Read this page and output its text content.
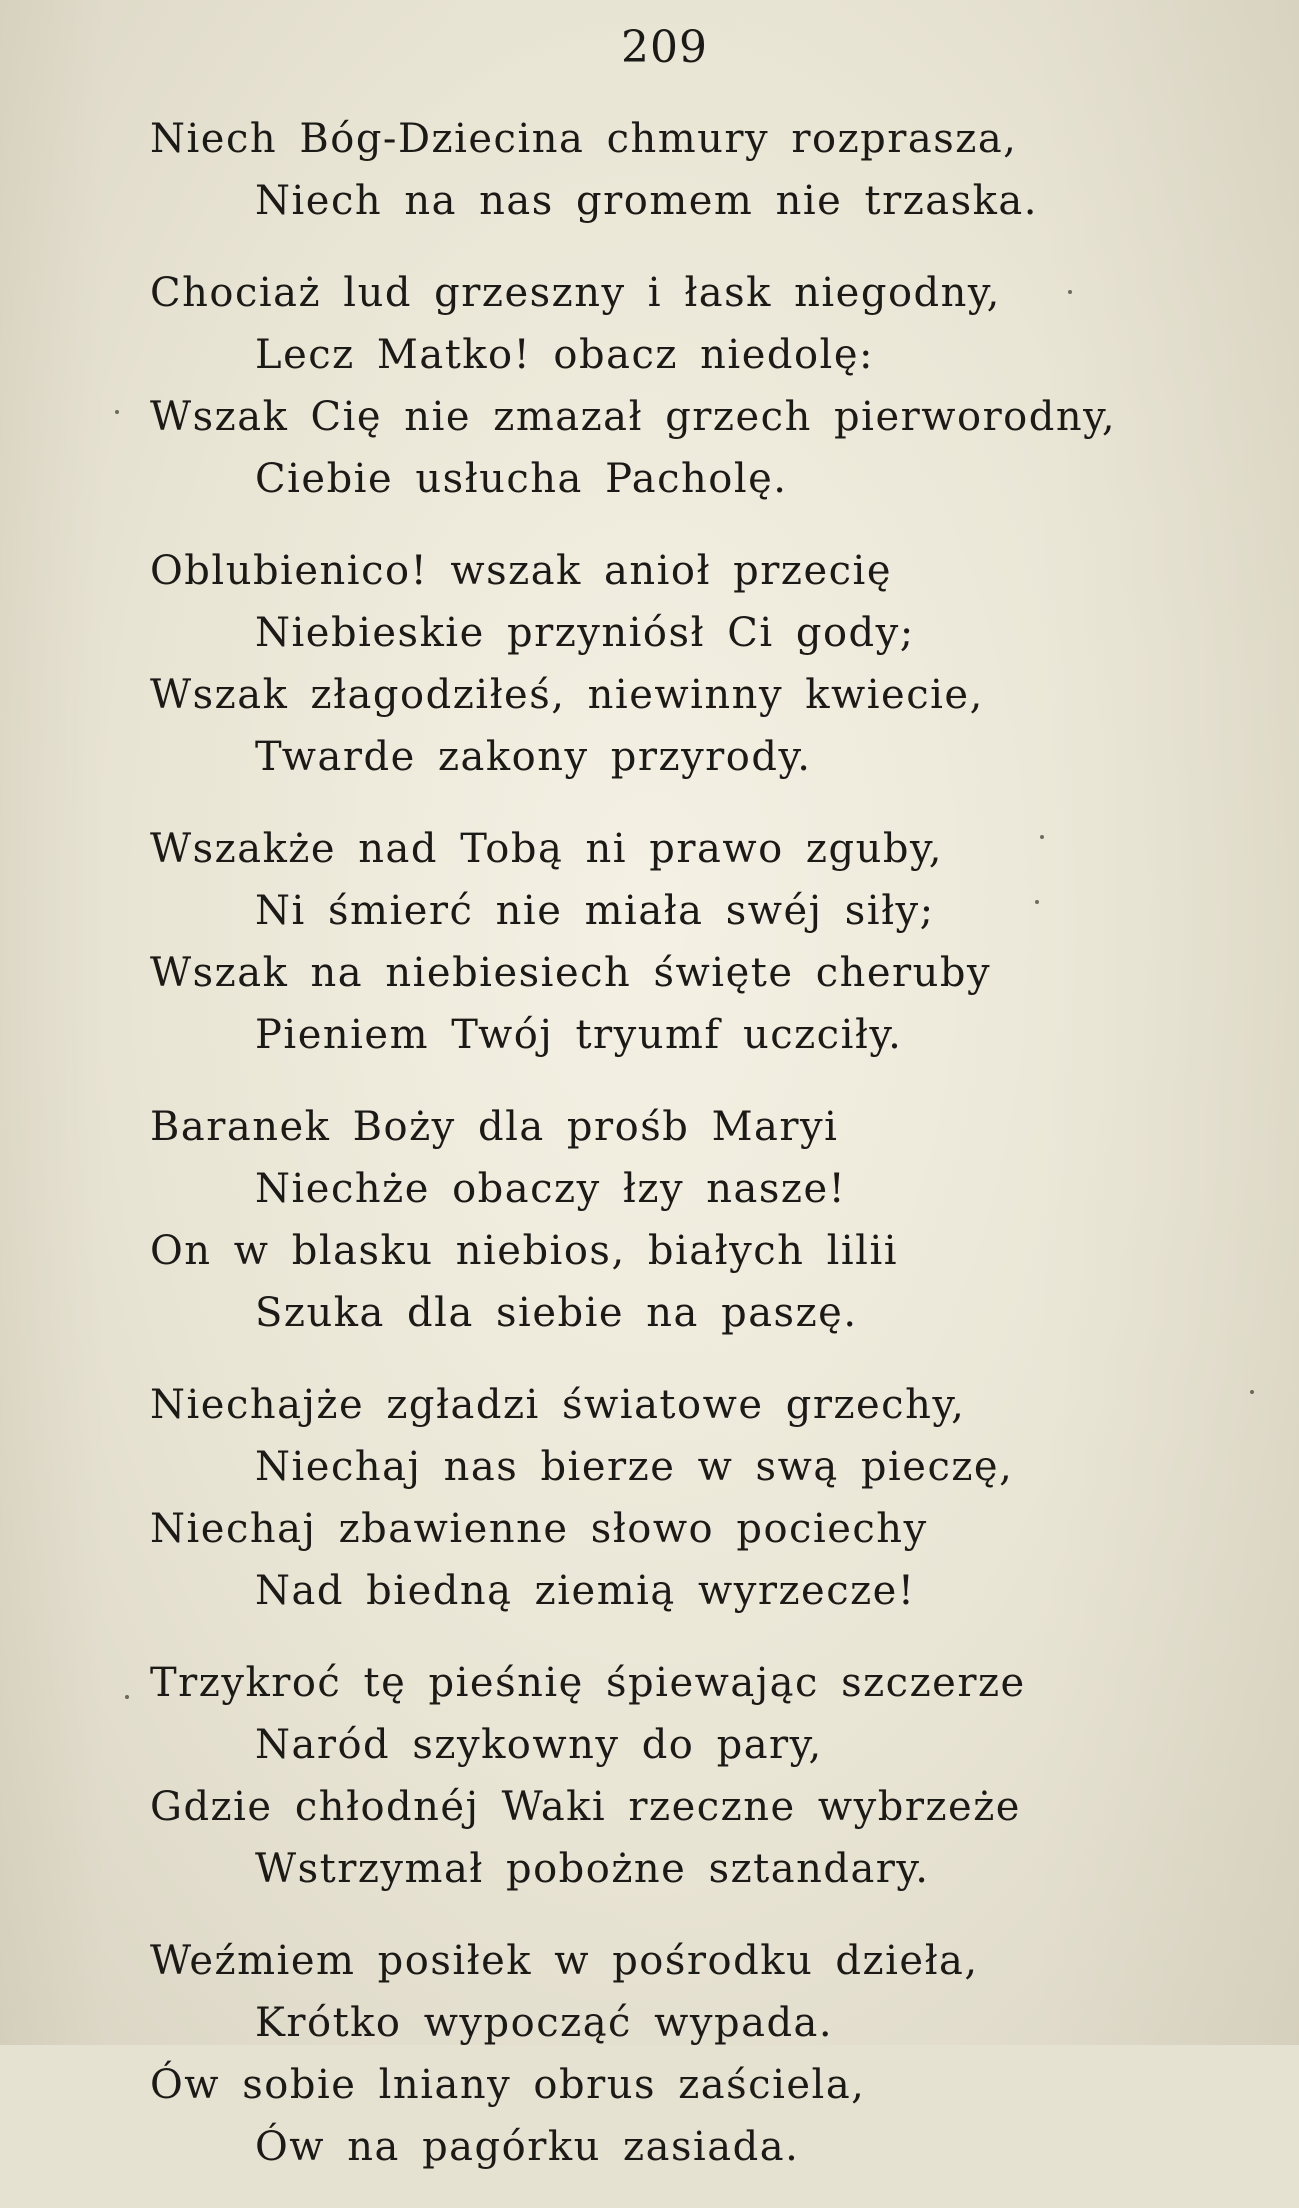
209
Niech Bóg-Dziecina chmury rozprasza,
Niech na nas gromem nie trzaska.
Chociaż lud grzeszny i łask niegodny,
Lecz Matko! obacz niedolę:
Wszak Cię nie zmazał grzech pierworodny,
Ciebie usłucha Pacholę.
Oblubienico! wszak anioł przecię
Niebieskie przyniósł Ci gody;
Wszak złagodziłeś, niewinny kwiecie,
Twarde zakony przyrody.
Wszakże nad Tobą ni prawo zguby,
Ni śmierć nie miała swéj siły;
Wszak na niebiesiech święte cheruby
Pieniem Twój tryumf uczciły.
Baranek Boży dla prośb Maryi
Niechże obaczy łzy nasze!
On w blasku niebios, białych lilii
Szuka dla siebie na paszę.
Niechajże zgładzi światowe grzechy,
Niechaj nas bierze w swą pieczę,
Niechaj zbawienne słowo pociechy
Nad biedną ziemią wyrzecze!
Trzykroć tę pieśnię śpiewając szczerze
Naród szykowny do pary,
Gdzie chłodnéj Waki rzeczne wybrzeże
Wstrzymał pobożne sztandary.
Weźmiem posiłek w pośrodku dzieła,
Krótko wypocząć wypada.
Ów sobie lniany obrus zaściela,
Ów na pagórku zasiada.
